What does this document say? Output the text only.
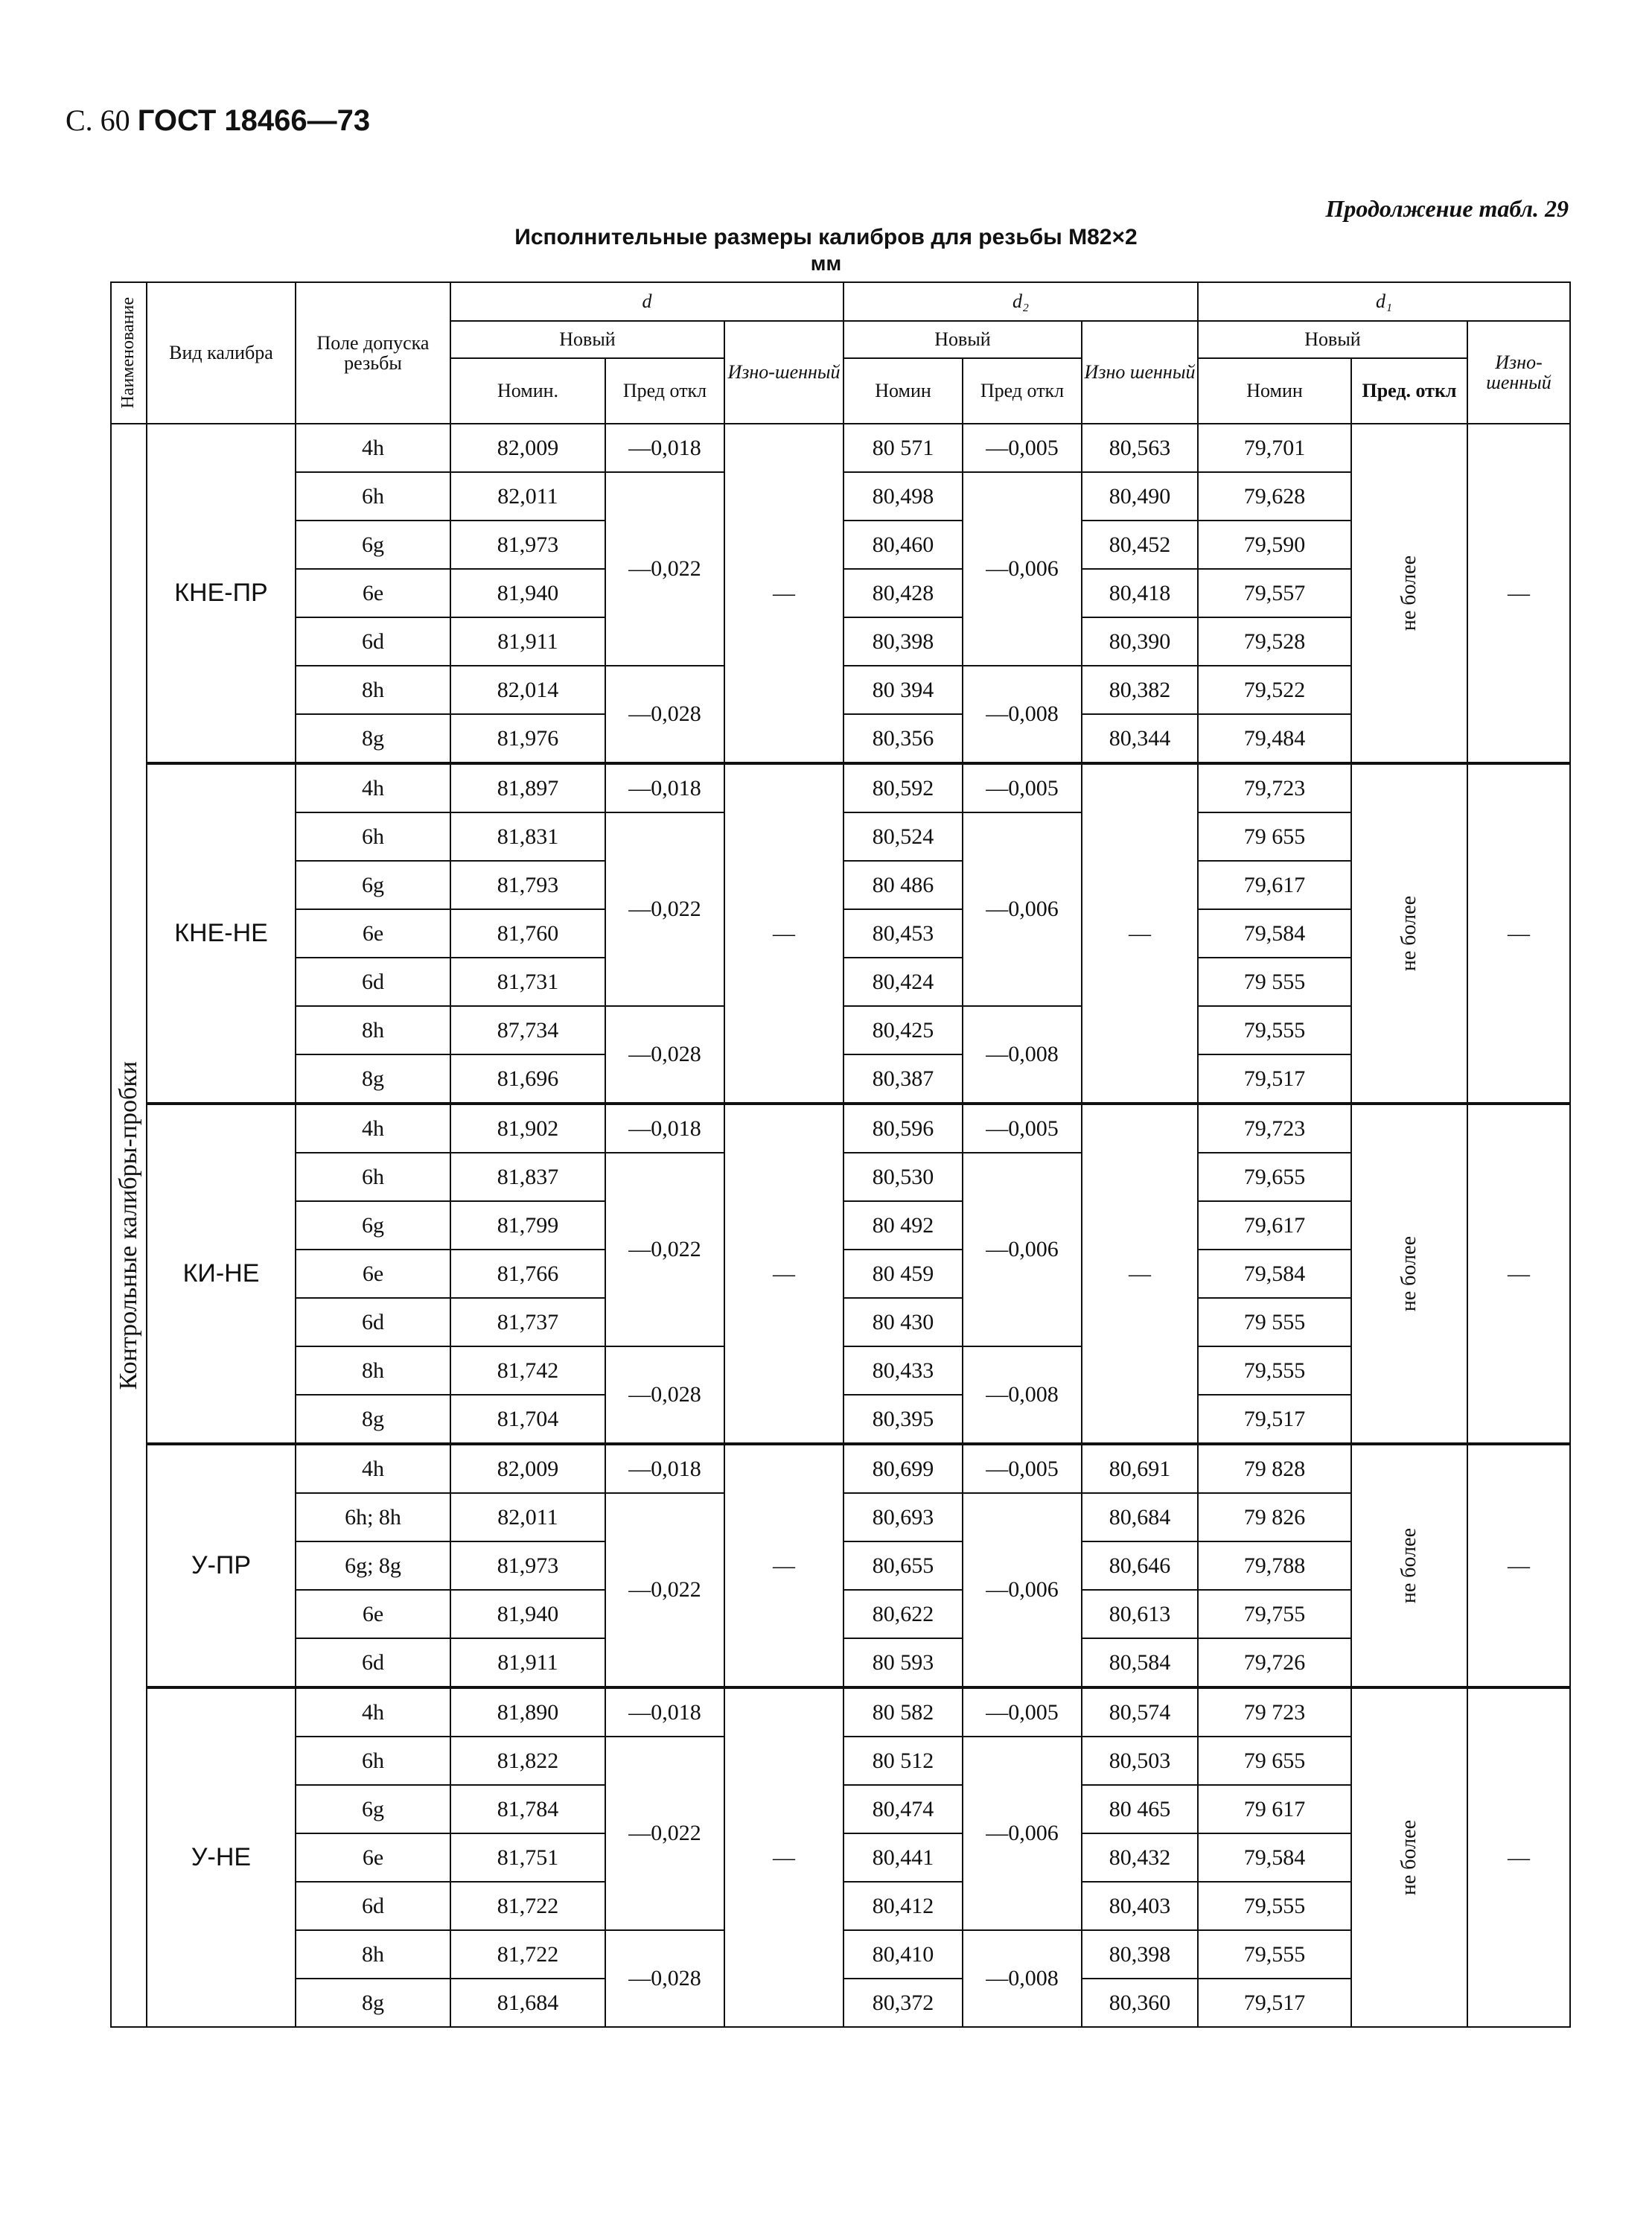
С. 60 ГОСТ 18466—73
Продолжение табл. 29
Исполнительные размеры калибров для резьбы М82×2
мм
Наименование	Вид калибра	Поле допуска резьбы	d			d₂			d₁		
			Новый		Изно-шенный	Новый		Изно шенный	Новый		Изно-шенный
			Номин.	Пред откл		Номин	Пред откл		Номин	Пред. откл	

Контрольные калибры-пробки	КНЕ-ПР	4h	82,009	—0,018	—	80 571	—0,005	80,563	79,701	не более	—
		6h	82,011	—0,022		80,498	—0,006	80,490	79,628		
		6g	81,973			80,460		80,452	79,590		
		6e	81,940			80,428		80,418	79,557		
		6d	81,911			80,398		80,390	79,528		
		8h	82,014	—0,028		80 394	—0,008	80,382	79,522		
		8g	81,976			80,356		80,344	79,484		
	КНЕ-НЕ	4h	81,897	—0,018	—	80,592	—0,005	—	79,723	не более	—
		6h	81,831	—0,022		80,524	—0,006		79 655		
		6g	81,793			80 486			79,617		
		6e	81,760			80,453			79,584		
		6d	81,731			80,424			79 555		
		8h	87,734	—0,028		80,425	—0,008		79,555		
		8g	81,696			80,387			79,517		
	КИ-НЕ	4h	81,902	—0,018	—	80,596	—0,005	—	79,723	не более	—
		6h	81,837	—0,022		80,530	—0,006		79,655		
		6g	81,799			80 492			79,617		
		6e	81,766			80 459			79,584		
		6d	81,737			80 430			79 555		
		8h	81,742	—0,028		80,433	—0,008		79,555		
		8g	81,704			80,395			79,517		
	У-ПР	4h	82,009	—0,018	—	80,699	—0,005	80,691	79 828	не более	—
		6h; 8h	82,011	—0,022		80,693	—0,006	80,684	79 826		
		6g; 8g	81,973			80,655		80,646	79,788		
		6e	81,940			80,622		80,613	79,755		
		6d	81,911			80 593		80,584	79,726		
	У-НЕ	4h	81,890	—0,018	—	80 582	—0,005	80,574	79 723	не более	—
		6h	81,822	—0,022		80 512	—0,006	80,503	79 655		
		6g	81,784			80,474		80 465	79 617		
		6e	81,751			80,441		80,432	79,584		
		6d	81,722			80,412		80,403	79,555		
		8h	81,722	—0,028		80,410	—0,008	80,398	79,555		
		8g	81,684			80,372		80,360	79,517		
